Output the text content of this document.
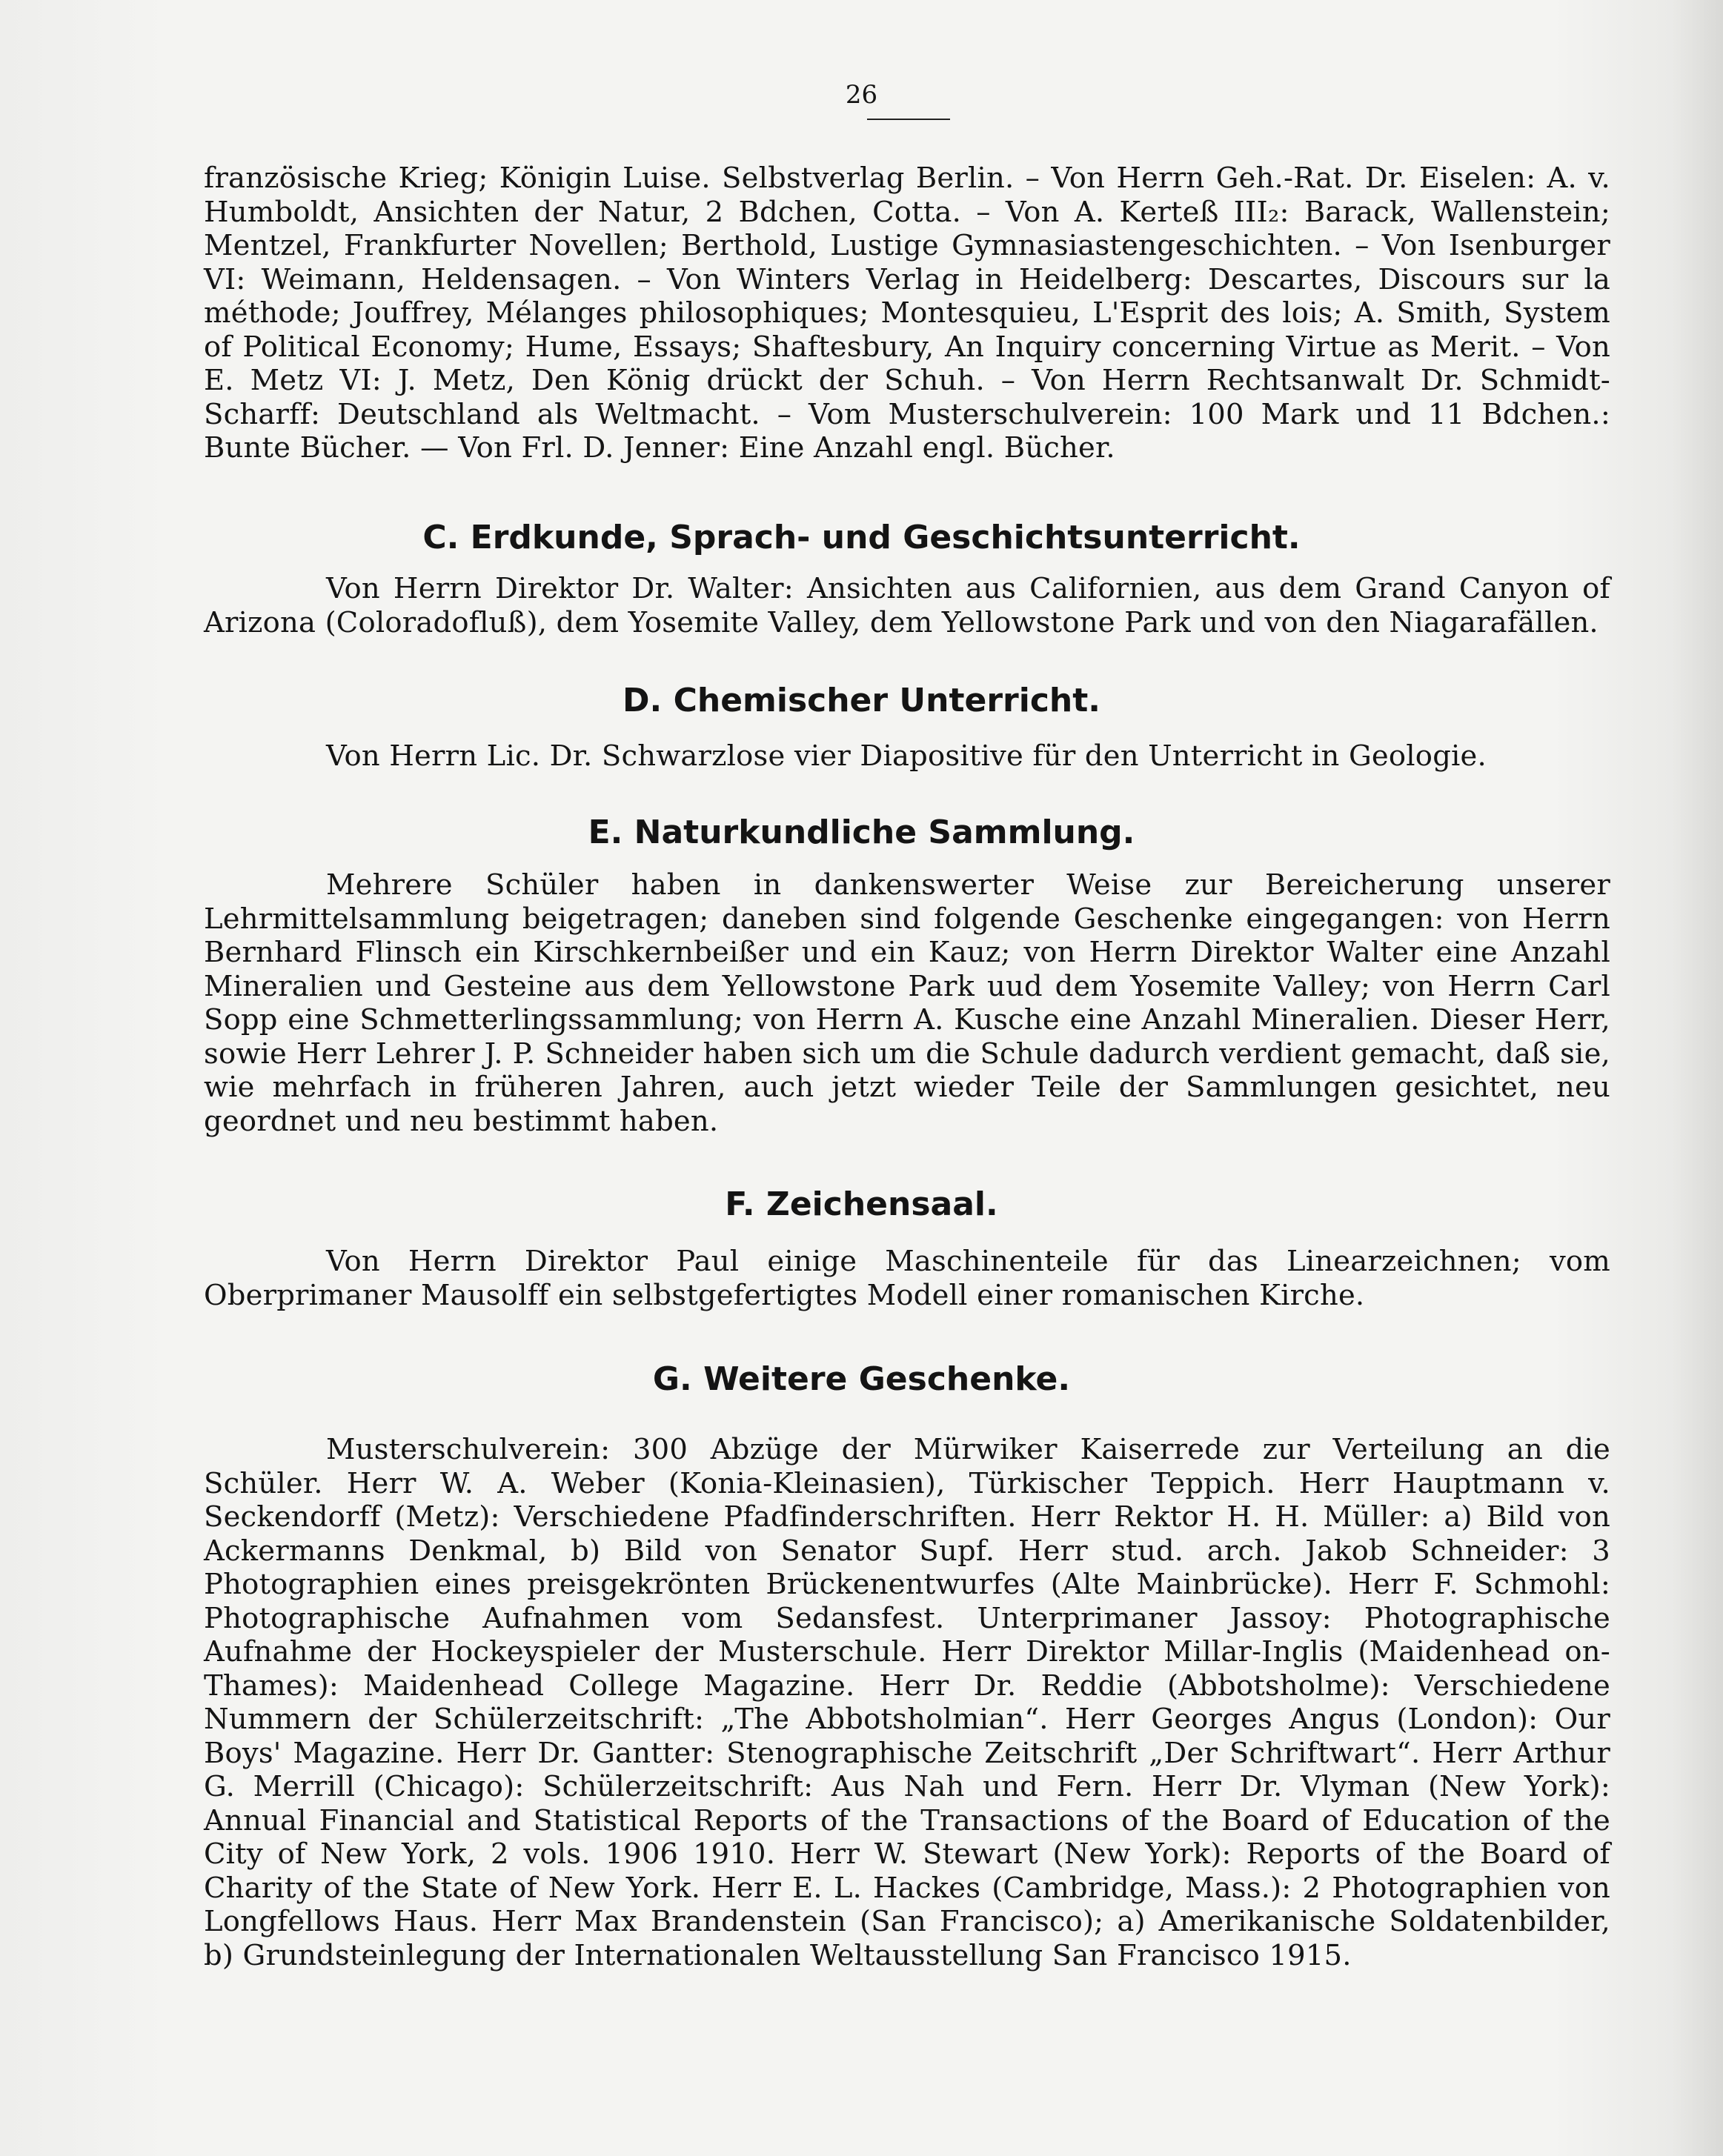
26

französische Krieg; Königin Luise. Selbstverlag Berlin. – Von Herrn Geh.-Rat. Dr. Eiselen: A. v. Humboldt, Ansichten der Natur, 2 Bdchen, Cotta. – Von A. Kerteß III₂: Barack, Wallenstein; Mentzel, Frankfurter Novellen; Berthold, Lustige Gymnasiastengeschichten. – Von Isenburger VI: Weimann, Heldensagen. – Von Winters Verlag in Heidelberg: Descartes, Discours sur la méthode; Jouffrey, Mélanges philosophiques; Montesquieu, L'Esprit des lois; A. Smith, System of Political Economy; Hume, Essays; Shaftesbury, An Inquiry concerning Virtue as Merit. – Von E. Metz VI: J. Metz, Den König drückt der Schuh. – Von Herrn Rechtsanwalt Dr. Schmidt-Scharff: Deutschland als Weltmacht. – Vom Musterschulverein: 100 Mark und 11 Bdchen.: Bunte Bücher. — Von Frl. D. Jenner: Eine Anzahl engl. Bücher.

C. Erdkunde, Sprach- und Geschichtsunterricht.

Von Herrn Direktor Dr. Walter: Ansichten aus Californien, aus dem Grand Canyon of Arizona (Coloradofluß), dem Yosemite Valley, dem Yellowstone Park und von den Niagarafällen.

D. Chemischer Unterricht.

Von Herrn Lic. Dr. Schwarzlose vier Diapositive für den Unterricht in Geologie.

E. Naturkundliche Sammlung.

Mehrere Schüler haben in dankenswerter Weise zur Bereicherung unserer Lehrmittelsammlung beigetragen; daneben sind folgende Geschenke eingegangen: von Herrn Bernhard Flinsch ein Kirschkernbeißer und ein Kauz; von Herrn Direktor Walter eine Anzahl Mineralien und Gesteine aus dem Yellowstone Park uud dem Yosemite Valley; von Herrn Carl Sopp eine Schmetterlingssammlung; von Herrn A. Kusche eine Anzahl Mineralien. Dieser Herr, sowie Herr Lehrer J. P. Schneider haben sich um die Schule dadurch verdient gemacht, daß sie, wie mehrfach in früheren Jahren, auch jetzt wieder Teile der Sammlungen gesichtet, neu geordnet und neu bestimmt haben.

F. Zeichensaal.

Von Herrn Direktor Paul einige Maschinenteile für das Linearzeichnen; vom Oberprimaner Mausolff ein selbstgefertigtes Modell einer romanischen Kirche.

G. Weitere Geschenke.

Musterschulverein: 300 Abzüge der Mürwiker Kaiserrede zur Verteilung an die Schüler. Herr W. A. Weber (Konia-Kleinasien), Türkischer Teppich. Herr Hauptmann v. Seckendorff (Metz): Verschiedene Pfadfinderschriften. Herr Rektor H. H. Müller: a) Bild von Ackermanns Denkmal, b) Bild von Senator Supf. Herr stud. arch. Jakob Schneider: 3 Photographien eines preisgekrönten Brückenentwurfes (Alte Mainbrücke). Herr F. Schmohl: Photographische Aufnahmen vom Sedansfest. Unterprimaner Jassoy: Photographische Aufnahme der Hockeyspieler der Musterschule. Herr Direktor Millar-Inglis (Maidenhead on-Thames): Maidenhead College Magazine. Herr Dr. Reddie (Abbotsholme): Verschiedene Nummern der Schülerzeitschrift: „The Abbotsholmian“. Herr Georges Angus (London): Our Boys' Magazine. Herr Dr. Gantter: Stenographische Zeitschrift „Der Schriftwart“. Herr Arthur G. Merrill (Chicago): Schülerzeitschrift: Aus Nah und Fern. Herr Dr. Vlyman (New York): Annual Financial and Statistical Reports of the Transactions of the Board of Education of the City of New York, 2 vols. 1906 1910. Herr W. Stewart (New York): Reports of the Board of Charity of the State of New York. Herr E. L. Hackes (Cambridge, Mass.): 2 Photographien von Longfellows Haus. Herr Max Brandenstein (San Francisco); a) Amerikanische Soldatenbilder, b) Grundsteinlegung der Internationalen Weltausstellung San Francisco 1915.
